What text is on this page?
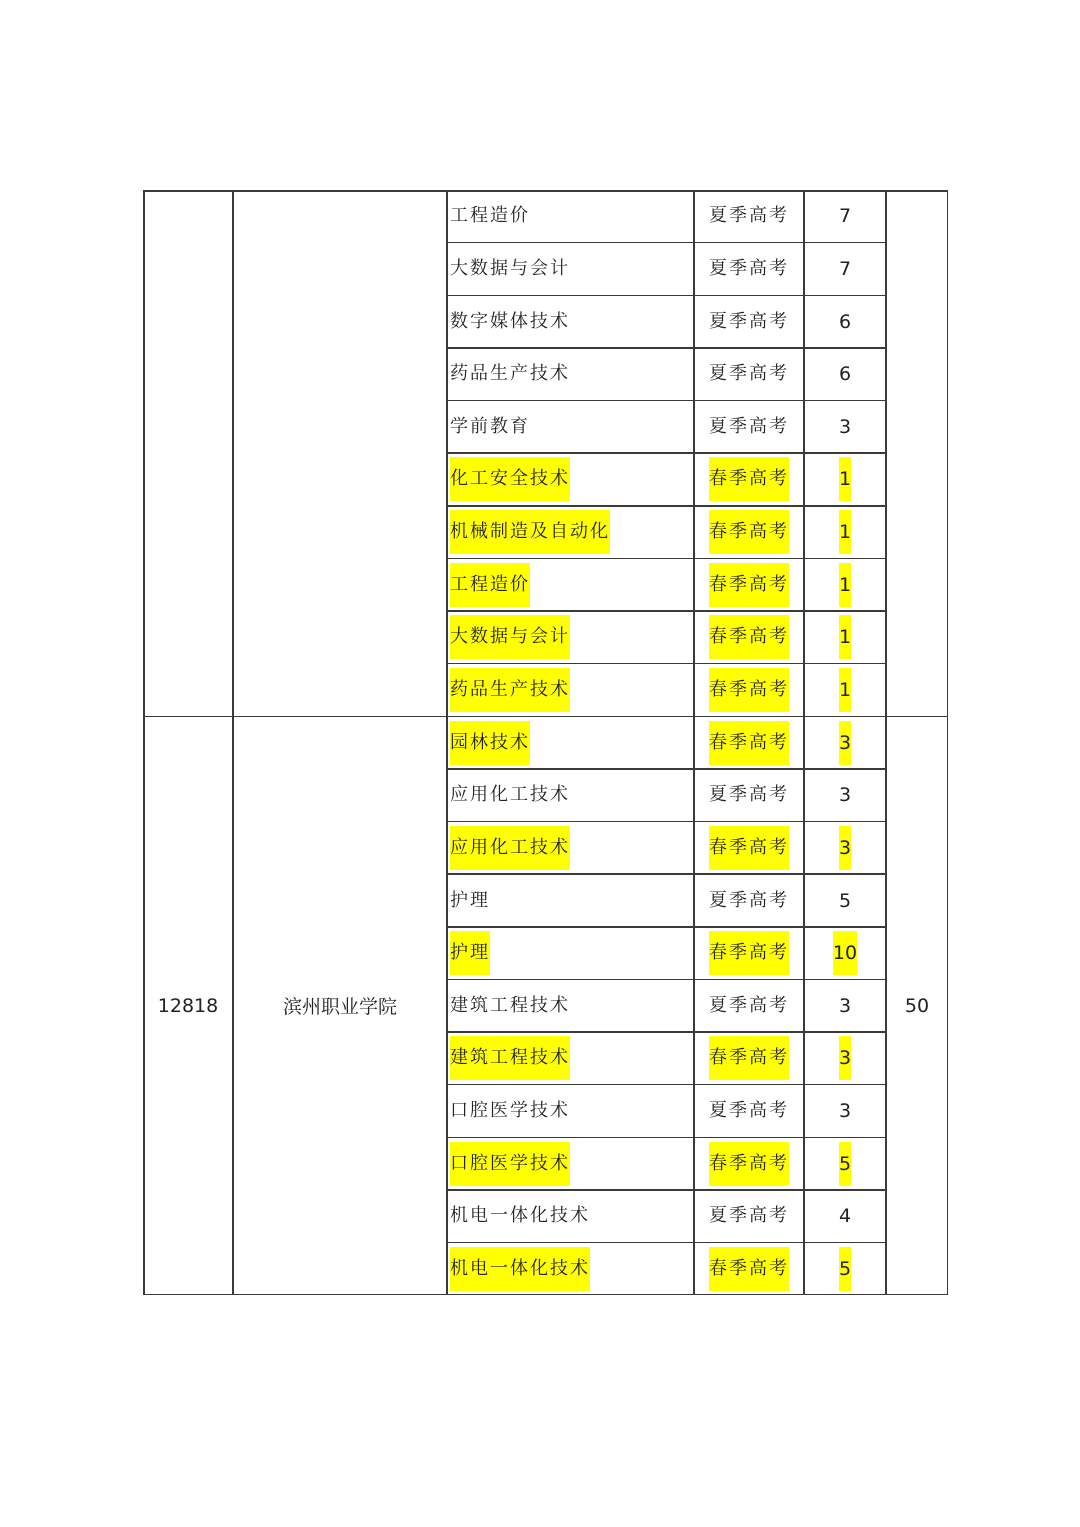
工程造价	夏季高考	7
大数据与会计	夏季高考	7
数字媒体技术	夏季高考	6
药品生产技术	夏季高考	6
学前教育	夏季高考	3
化工安全技术	春季高考	1
机械制造及自动化	春季高考	1
工程造价	春季高考	1
大数据与会计	春季高考	1
药品生产技术	春季高考	1
12818	滨州职业学院	50
园林技术	春季高考	3
应用化工技术	夏季高考	3
应用化工技术	春季高考	3
护理	夏季高考	5
护理	春季高考 10
建筑工程技术	夏季高考	3
建筑工程技术	春季高考	3
口腔医学技术	夏季高考	3
口腔医学技术	春季高考	5
机电一体化技术	夏季高考	4
机电一体化技术	春季高考	5
